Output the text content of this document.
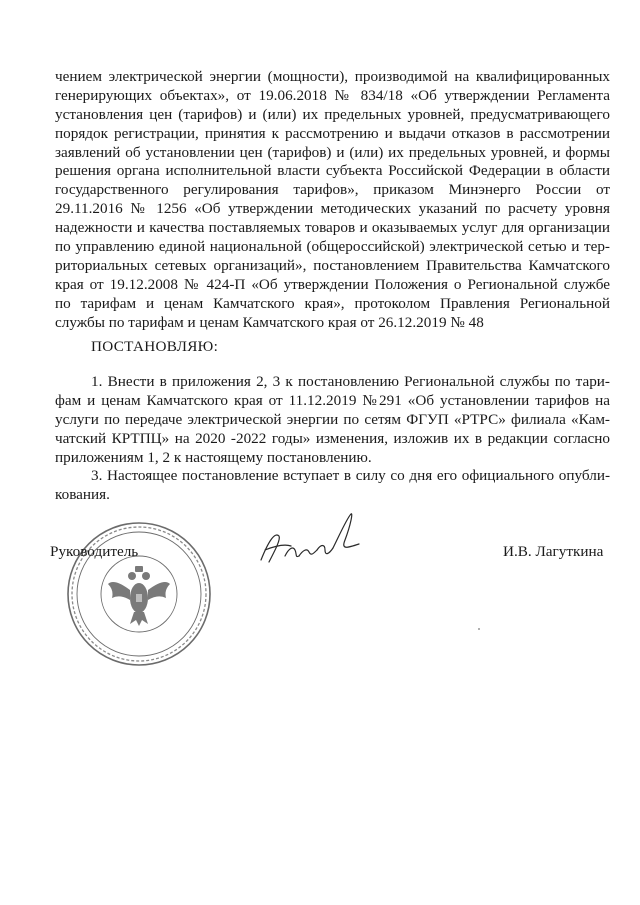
чением электрической энергии (мощности), производимой на квалифицированных
генерирующих объектах», от 19.06.2018 № 834/18 «Об утверждении Регламента
установления цен (тарифов) и (или) их предельных уровней, предусматривающего
порядок регистрации, принятия к рассмотрению и выдачи отказов в рассмотрении
заявлений об установлении цен (тарифов) и (или) их предельных уровней, и формы
решения органа исполнительной власти субъекта Российской Федерации в области
государственного регулирования тарифов», приказом Минэнерго России от
29.11.2016 № 1256 «Об утверждении методических указаний по расчету уровня
надежности и качества поставляемых товаров и оказываемых услуг для организации
по управлению единой национальной (общероссийской) электрической сетью и тер-
риториальных сетевых организаций», постановлением Правительства Камчатского
края от 19.12.2008 № 424-П «Об утверждении Положения о Региональной службе
по тарифам и ценам Камчатского края», протоколом Правления Региональной
службы по тарифам и ценам Камчатского края от 26.12.2019 № 48
ПОСТАНОВЛЯЮ:
1. Внести в приложения 2, 3 к постановлению Региональной службы по тари-
фам и ценам Камчатского края от 11.12.2019 №291 «Об установлении тарифов на
услуги по передаче электрической энергии по сетям ФГУП «РТРС» филиала «Кам-
чатский КРТПЦ» на 2020 -2022 годы» изменения, изложив их в редакции согласно
приложениям 1, 2 к настоящему постановлению.
3. Настоящее постановление вступает в силу со дня его официального опубли-
кования.
Руководитель	И.В. Лагуткина
